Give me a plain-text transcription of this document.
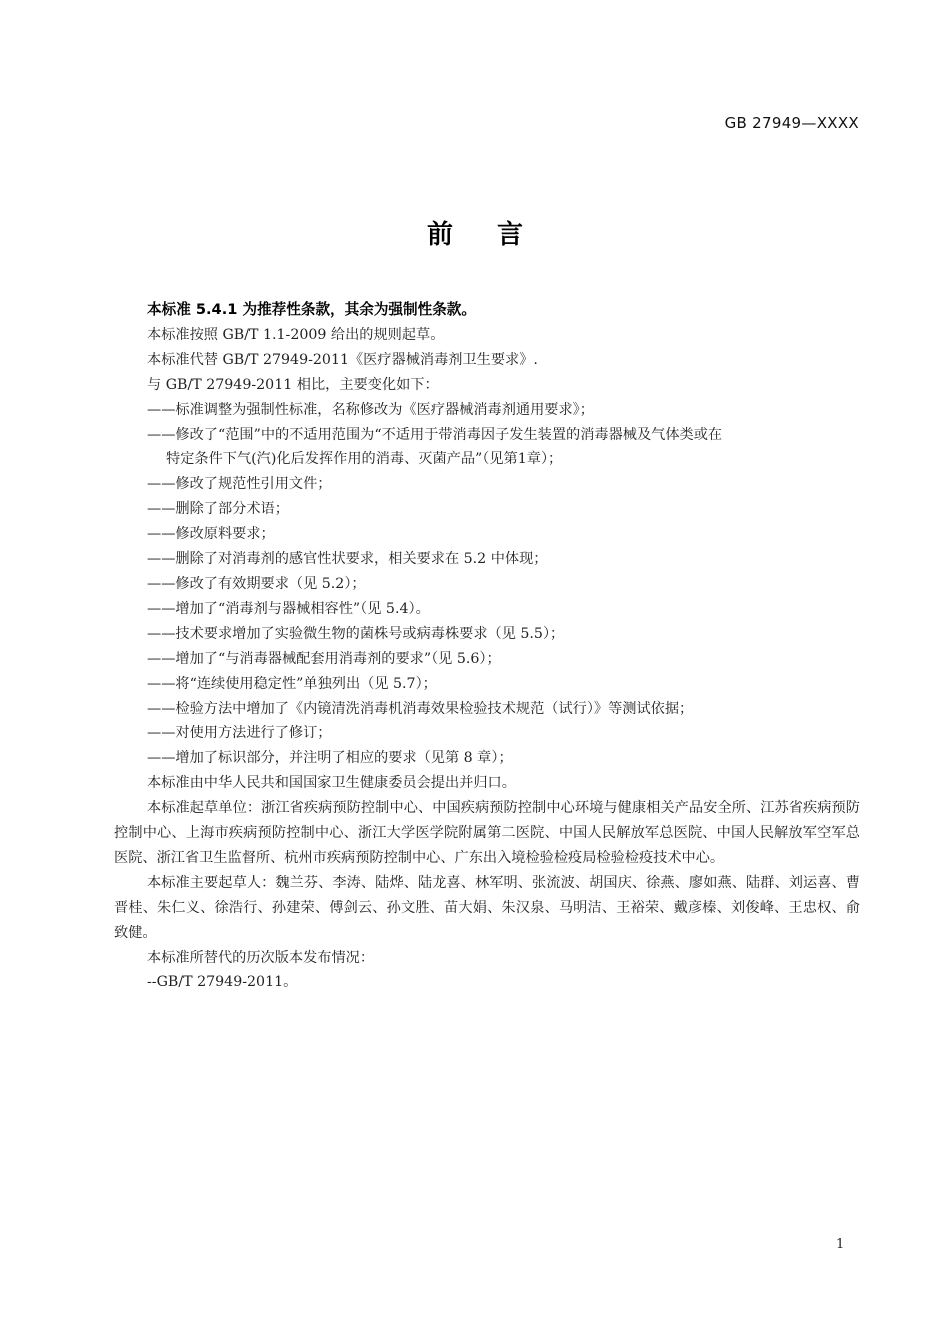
GB 27949—XXXX
前 言
本标准 5.4.1 为推荐性条款，其余为强制性条款。
本标准按照 GB/T 1.1-2009 给出的规则起草。
本标准代替 GB/T 27949-2011《医疗器械消毒剂卫生要求》.
与 GB/T 27949-2011 相比，主要变化如下：
——标准调整为强制性标准，名称修改为《医疗器械消毒剂通用要求》；
——修改了“范围”中的不适用范围为“不适用于带消毒因子发生装置的消毒器械及气体类或在
特定条件下气(汽)化后发挥作用的消毒、灭菌产品”（见第1章）；
——修改了规范性引用文件；
——删除了部分术语；
——修改原料要求；
——删除了对消毒剂的感官性状要求，相关要求在 5.2 中体现；
——修改了有效期要求（见 5.2）；
——增加了“消毒剂与器械相容性”（见 5.4）。
——技术要求增加了实验微生物的菌株号或病毒株要求（见 5.5）；
——增加了“与消毒器械配套用消毒剂的要求”（见 5.6）；
——将“连续使用稳定性”单独列出（见 5.7）；
——检验方法中增加了《内镜清洗消毒机消毒效果检验技术规范（试行）》等测试依据；
——对使用方法进行了修订；
——增加了标识部分，并注明了相应的要求（见第 8 章）；
本标准由中华人民共和国国家卫生健康委员会提出并归口。
本标准起草单位：浙江省疾病预防控制中心、中国疾病预防控制中心环境与健康相关产品安全所、江苏省疾病预防控制中心、上海市疾病预防控制中心、浙江大学医学院附属第二医院、中国人民解放军总医院、中国人民解放军空军总医院、浙江省卫生监督所、杭州市疾病预防控制中心、广东出入境检验检疫局检验检疫技术中心。
本标准主要起草人：魏兰芬、李涛、陆烨、陆龙喜、林军明、张流波、胡国庆、徐燕、廖如燕、陆群、刘运喜、曹晋桂、朱仁义、徐浩行、孙建荣、傅剑云、孙文胜、苗大娟、朱汉泉、马明洁、王裕荣、戴彦榛、刘俊峰、王忠权、俞致健。
本标准所替代的历次版本发布情况：
--GB/T 27949-2011。
1
